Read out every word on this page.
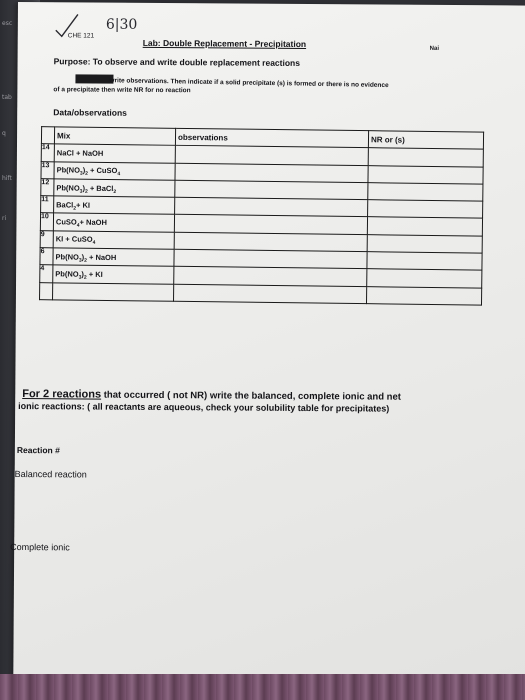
esc
tab
q
hift
ri
6|30
CHE 121
Lab: Double Replacement - Precipitation	Nai
Purpose: To observe and write double replacement reactions
write observations. Then indicate if a solid precipitate (s) is formed or there is no evidence
of a precipitate then write NR for no reaction
Data/observations
	Mix	observations	NR or (s)
14	NaCl + NaOH		
13	$Pb(NO_3)_2$ + CuSO$_4$		
12	$Pb(NO_3)_2$ + BaCl$_2$		
11	BaCl$_2$+ KI		
10	CuSO$_4$+ NaOH		
9	KI + CuSO$_4$		
6	$Pb(NO_3)_2$ + NaOH		
4	$Pb(NO_3)_2$ + KI		

For 2 reactions that occurred ( not NR) write the balanced, complete ionic and net
ionic reactions: ( all reactants are aqueous, check your solubility table for precipitates)
Reaction #
Balanced reaction
Complete ionic
